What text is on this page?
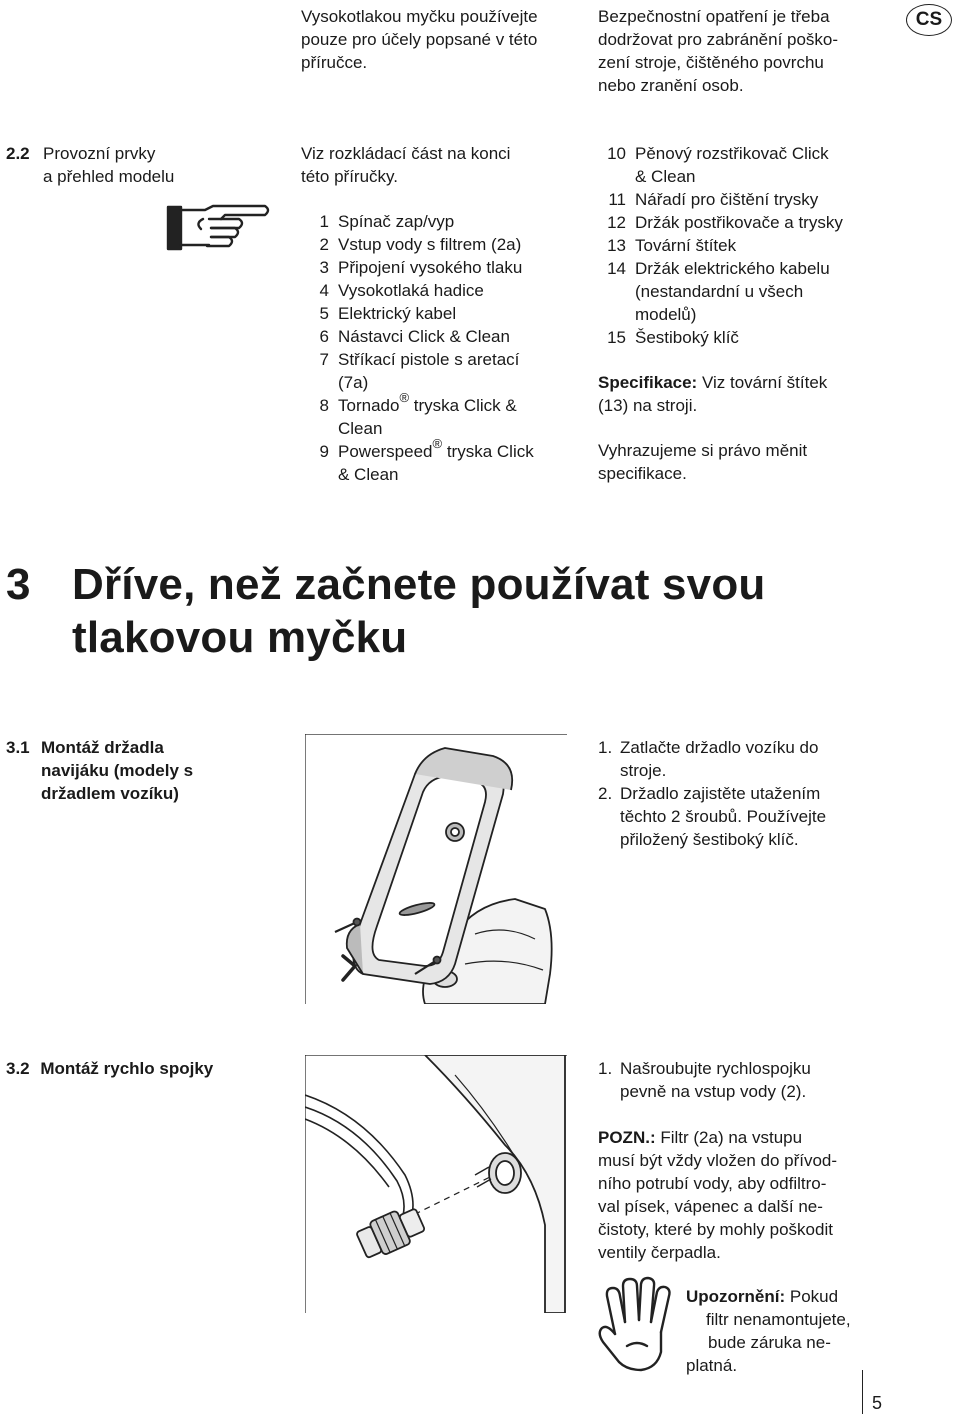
Vysokotlakou myčku používejte
pouze pro účely popsané v této
příručce.
Bezpečnostní opatření je třeba
dodržovat pro zabránění poško-
zení stroje, čištěného povrchu
nebo zranění osob.
CS
2.2 Provozní prvky
a přehled modelu
Viz rozkládací část na konci
této příručky.
1 Spínač zap/vyp
2 Vstup vody s filtrem (2a)
3 Připojení vysokého tlaku
4 Vysokotlaká hadice
5 Elektrický kabel
6 Nástavci Click & Clean
7 Stříkací pistole s aretací
(7a)
8 Tornado® tryska Click &
Clean
9 Powerspeed® tryska Click
& Clean
10 Pěnový rozstřikovač Click
& Clean
11 Nářadí pro čištění trysky
12 Držák postřikovače a trysky
13 Tovární štítek
14 Držák elektrického kabelu
(nestandardní u všech
modelů)
15 Šestiboký klíč
Specifikace: Viz tovární štítek
(13) na stroji.
Vyhrazujeme si právo měnit
specifikace.
3 Dříve, než začnete používat svou
tlakovou myčku
3.1 Montáž držadla
navijáku (modely s
držadlem vozíku)
1. Zatlačte držadlo vozíku do
stroje.
2. Držadlo zajistěte utažením
těchto 2 šroubů. Používejte
přiložený šestiboký klíč.
3.2 Montáž rychlo spojky	1. Našroubujte rychlospojku
pevně na vstup vody (2).
POZN.: Filtr (2a) na vstupu
musí být vždy vložen do přívod-
ního potrubí vody, aby odfiltro-
val písek, vápenec a další ne-
čistoty, které by mohly poškodit
ventily čerpadla.
Upozornění: Pokud
filtr nenamontujete,
bude záruka ne-
platná.
5
